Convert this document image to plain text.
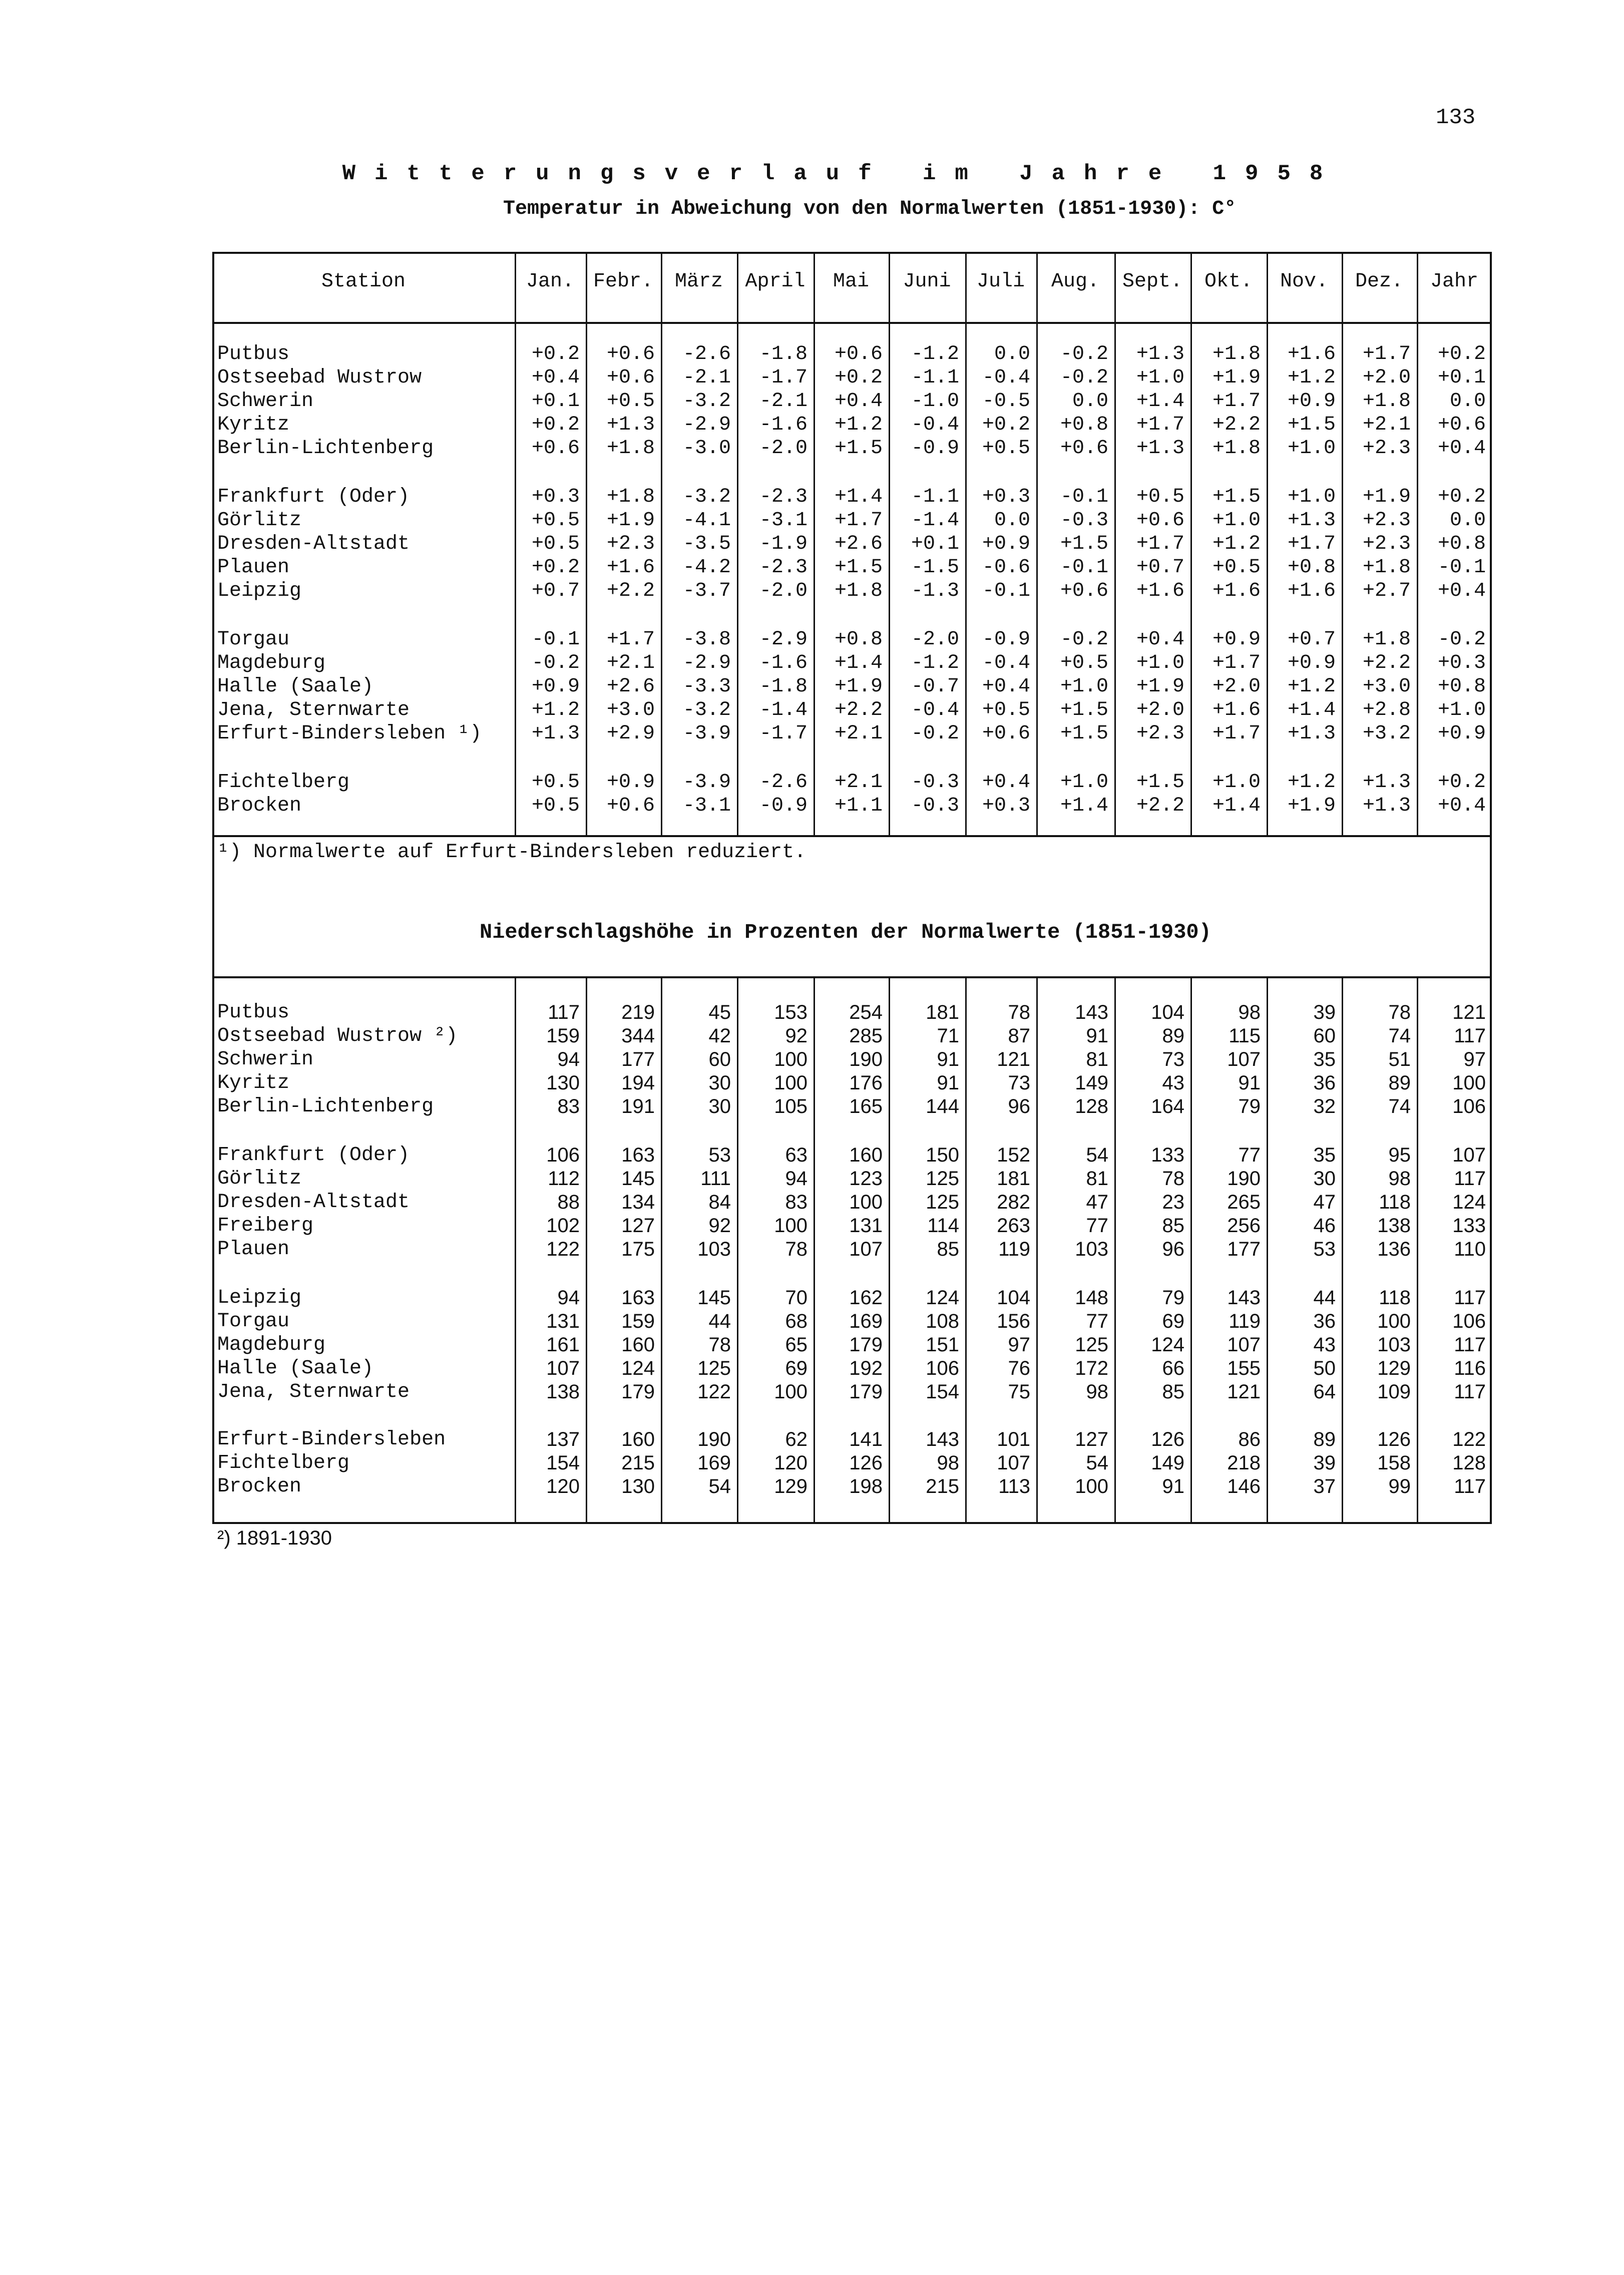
133
Witterungsverlauf im Jahre 1958
Temperatur in Abweichung von den Normalwerten (1851-1930): C°
Station	Jan. Febr.	März	April	Mai	Juni	Juli	Aug.	Sept.	Okt.	Nov.	Dez.	Jahr
Putbus	+0.2	+0.6	-2.6	-1.8	+0.6	-1.2	0.0	-0.2	+1.3	+1.8	+1.6	+1.7	+0.2
Ostseebad Wustrow	+0.4	+0.6	-2.1	-1.7	+0.2	-1.1	-0.4	-0.2	+1.0	+1.9	+1.2	+2.0	+0.1
Schwerin	+0.1	+0.5	-3.2	-2.1	+0.4	-1.0	-0.5	0.0	+1.4	+1.7	+0.9	+1.8	0.0
Kyritz	+0.2	+1.3	-2.9	-1.6	+1.2	-0.4	+0.2	+0.8	+1.7	+2.2	+1.5	+2.1	+0.6
Berlin-Lichtenberg	+0.6	+1.8	-3.0	-2.0	+1.5	-0.9	+0.5	+0.6	+1.3	+1.8	+1.0	+2.3	+0.4
Frankfurt (Oder)	+0.3	+1.8	-3.2	-2.3	+1.4	-1.1	+0.3	-0.1	+0.5	+1.5	+1.0	+1.9	+0.2
Görlitz	+0.5	+1.9	-4.1	-3.1	+1.7	-1.4	0.0	-0.3	+0.6	+1.0	+1.3	+2.3	0.0
Dresden-Altstadt	+0.5	+2.3	-3.5	-1.9	+2.6	+0.1	+0.9	+1.5	+1.7	+1.2	+1.7	+2.3	+0.8
Plauen	+0.2	+1.6	-4.2	-2.3	+1.5	-1.5	-0.6	-0.1	+0.7	+0.5	+0.8	+1.8	-0.1
Leipzig	+0.7	+2.2	-3.7	-2.0	+1.8	-1.3	-0.1	+0.6	+1.6	+1.6	+1.6	+2.7	+0.4
Torgau	-0.1	+1.7	-3.8	-2.9	+0.8	-2.0	-0.9	-0.2	+0.4	+0.9	+0.7	+1.8	-0.2
Magdeburg	-0.2	+2.1	-2.9	-1.6	+1.4	-1.2	-0.4	+0.5	+1.0	+1.7	+0.9	+2.2	+0.3
Halle (Saale)	+0.9	+2.6	-3.3	-1.8	+1.9	-0.7	+0.4	+1.0	+1.9	+2.0	+1.2	+3.0	+0.8
Jena, Sternwarte	+1.2	+3.0	-3.2	-1.4	+2.2	-0.4	+0.5	+1.5	+2.0	+1.6	+1.4	+2.8	+1.0
Erfurt-Bindersleben ¹)	+1.3	+2.9	-3.9	-1.7	+2.1	-0.2	+0.6	+1.5	+2.3	+1.7	+1.3	+3.2	+0.9
Fichtelberg	+0.5	+0.9	-3.9	-2.6	+2.1	-0.3	+0.4	+1.0	+1.5	+1.0	+1.2	+1.3	+0.2
Brocken	+0.5	+0.6	-3.1	-0.9	+1.1	-0.3	+0.3	+1.4	+2.2	+1.4	+1.9	+1.3	+0.4
¹) Normalwerte auf Erfurt-Bindersleben reduziert.
Niederschlagshöhe in Prozenten der Normalwerte (1851-1930)
Putbus	117	219	45	153	254	181	78	143	104	98	39	78	121
Ostseebad Wustrow ²)	159	344	42	92	285	71	87	91	89	115	60	74	117
Schwerin	94	177	60	100	190	91	121	81	73	107	35	51	97
Kyritz	130	194	30	100	176	91	73	149	43	91	36	89	100
Berlin-Lichtenberg	83	191	30	105	165	144	96	128	164	79	32	74	106
Frankfurt (Oder)	106	163	53	63	160	150	152	54	133	77	35	95	107
Görlitz	112	145	111	94	123	125	181	81	78	190	30	98	117
Dresden-Altstadt	88	134	84	83	100	125	282	47	23	265	47	118	124
Freiberg	102	127	92	100	131	114	263	77	85	256	46	138	133
Plauen	122	175	103	78	107	85	119	103	96	177	53	136	110
Leipzig	94	163	145	70	162	124	104	148	79	143	44	118	117
Torgau	131	159	44	68	169	108	156	77	69	119	36	100	106
Magdeburg	161	160	78	65	179	151	97	125	124	107	43	103	117
Halle (Saale)	107	124	125	69	192	106	76	172	66	155	50	129	116
Jena, Sternwarte	138	179	122	100	179	154	75	98	85	121	64	109	117
Erfurt-Bindersleben	137	160	190	62	141	143	101	127	126	86	89	126	122
Fichtelberg	154	215	169	120	126	98	107	54	149	218	39	158	128
Brocken	120	130	54	129	198	215	113	100	91	146	37	99	117
²) 1891-1930
